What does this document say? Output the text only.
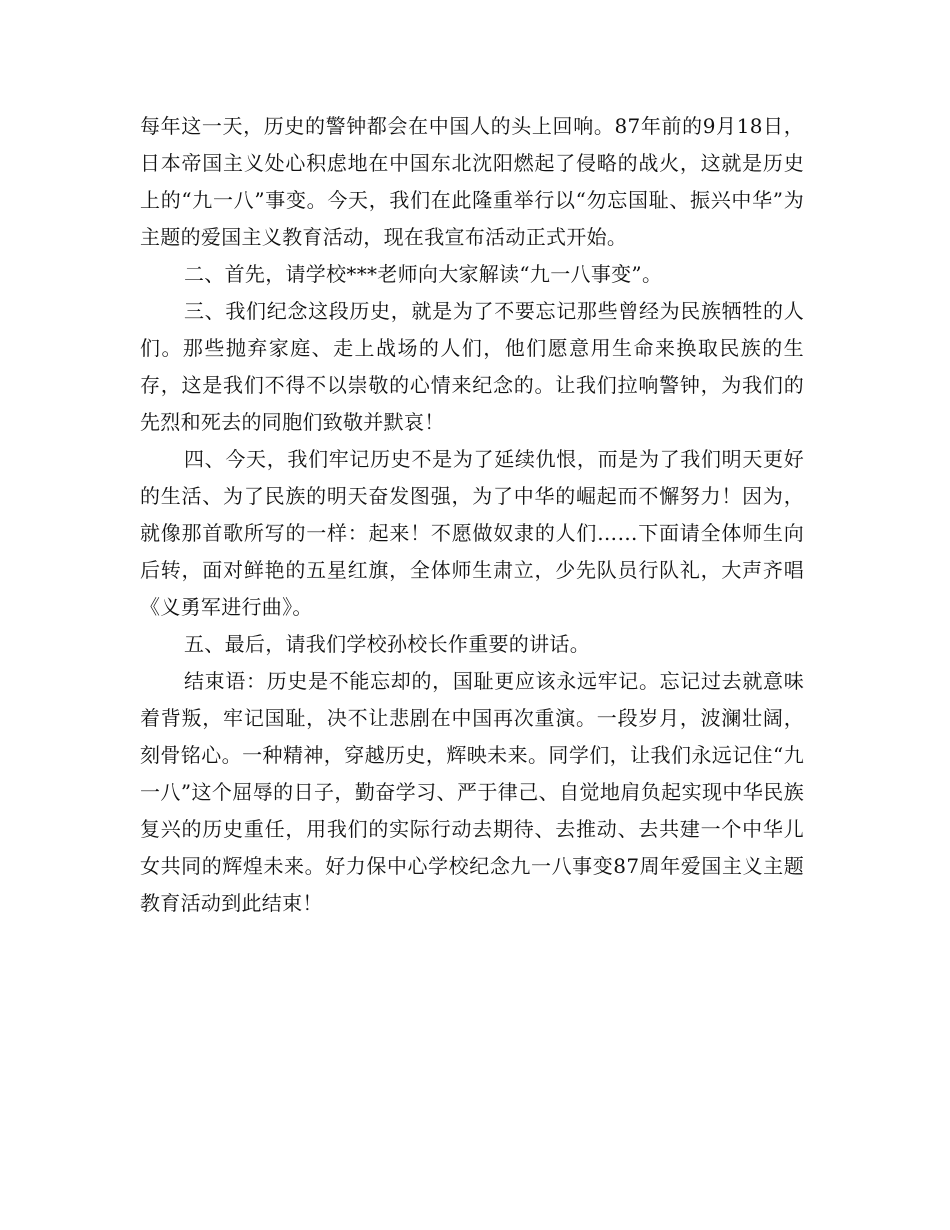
每年这一天，历史的警钟都会在中国人的头上回响。87年前的9月18日，日本帝国主义处心积虑地在中国东北沈阳燃起了侵略的战火，这就是历史上的“九一八”事变。今天，我们在此隆重举行以“勿忘国耻、振兴中华”为主题的爱国主义教育活动，现在我宣布活动正式开始。

二、首先，请学校***老师向大家解读“九一八事变”。

三、我们纪念这段历史，就是为了不要忘记那些曾经为民族牺牲的人们。那些抛弃家庭、走上战场的人们，他们愿意用生命来换取民族的生存，这是我们不得不以崇敬的心情来纪念的。让我们拉响警钟，为我们的先烈和死去的同胞们致敬并默哀！

四、今天，我们牢记历史不是为了延续仇恨，而是为了我们明天更好的生活、为了民族的明天奋发图强，为了中华的崛起而不懈努力！因为，就像那首歌所写的一样：起来！不愿做奴隶的人们……下面请全体师生向后转，面对鲜艳的五星红旗，全体师生肃立，少先队员行队礼，大声齐唱《义勇军进行曲》。

五、最后，请我们学校孙校长作重要的讲话。

结束语：历史是不能忘却的，国耻更应该永远牢记。忘记过去就意味着背叛，牢记国耻，决不让悲剧在中国再次重演。一段岁月，波澜壮阔，刻骨铭心。一种精神，穿越历史，辉映未来。同学们，让我们永远记住“九一八”这个屈辱的日子，勤奋学习、严于律己、自觉地肩负起实现中华民族复兴的历史重任，用我们的实际行动去期待、去推动、去共建一个中华儿女共同的辉煌未来。好力保中心学校纪念九一八事变87周年爱国主义主题教育活动到此结束！
